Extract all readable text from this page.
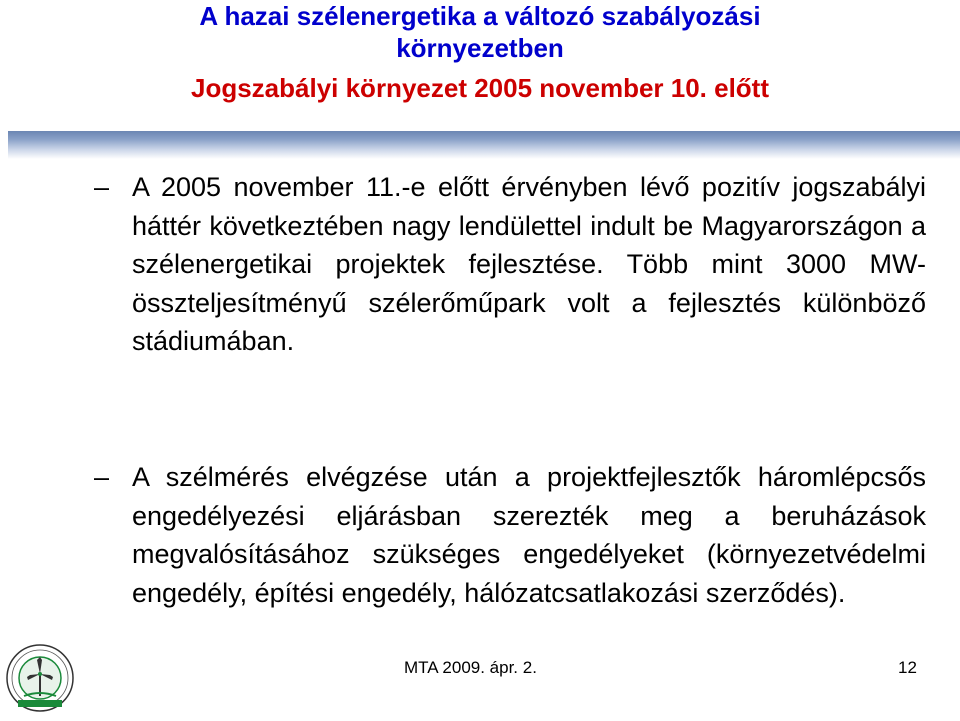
A hazai szélenergetika a változó szabályozási
környezetben
Jogszabályi környezet 2005 november 10. előtt
– A 2005 november 11.-e előtt érvényben lévő pozitív jogszabályi háttér következtében nagy lendülettel indult be Magyarországon a szélenergetikai projektek fejlesztése. Több mint 3000 MW-összteljesítményű szélerőműpark volt a fejlesztés különböző stádiumában.
– A szélmérés elvégzése után a projektfejlesztők háromlépcsős engedélyezési eljárásban szerezték meg a beruházások megvalósításához szükséges engedélyeket (környezetvédelmi engedély, építési engedély, hálózatcsatlakozási szerződés).
MTA 2009. ápr. 2.	12
